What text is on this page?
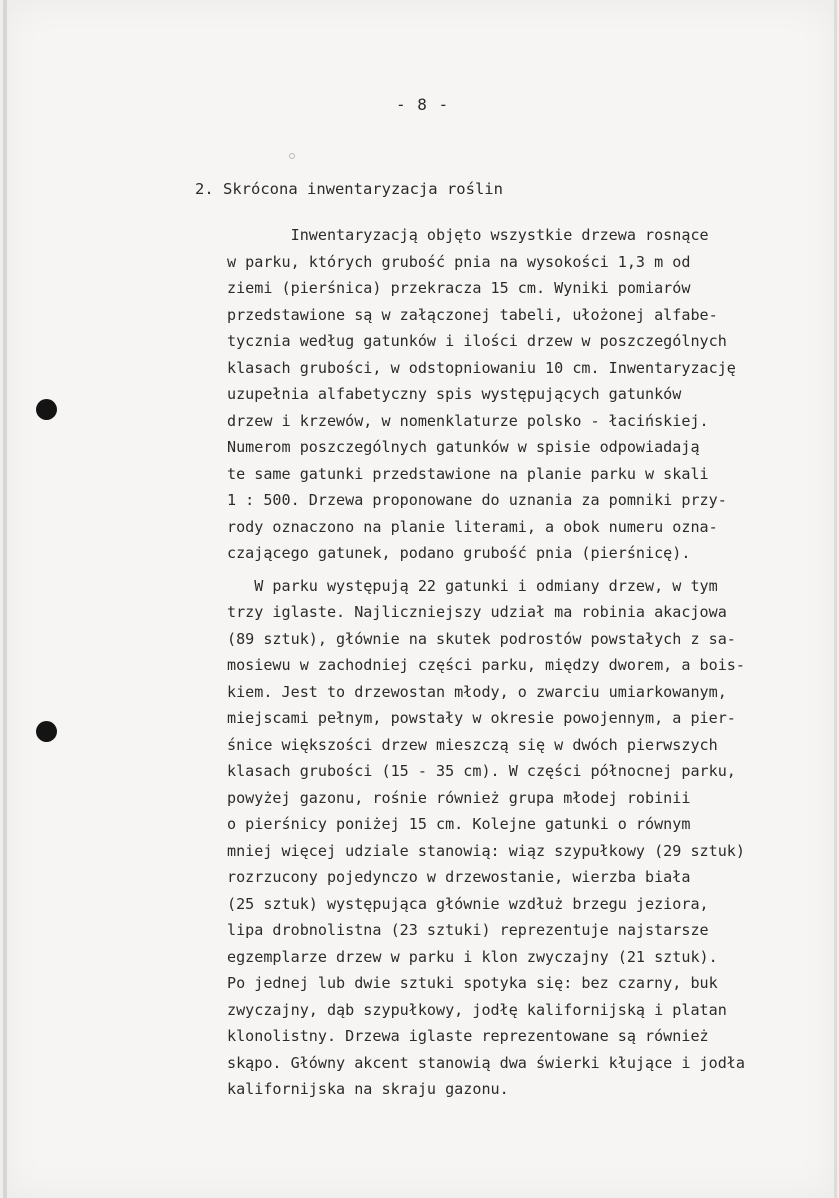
- 8 -
2. Skrócona inwentaryzacja roślin

Inwentaryzacją objęto wszystkie drzewa rosnące
w parku, których grubość pnia na wysokości 1,3 m od
ziemi (pierśnica) przekracza 15 cm. Wyniki pomiarów
przedstawione są w załączonej tabeli, ułożonej alfabe-
tycznia według gatunków i ilości drzew w poszczególnych
klasach grubości, w odstopniowaniu 10 cm. Inwentaryzację
uzupełnia alfabetyczny spis występujących gatunków
drzew i krzewów, w nomenklaturze polsko - łacińskiej.
Numerom poszczególnych gatunków w spisie odpowiadają
te same gatunki przedstawione na planie parku w skali
1 : 500. Drzewa proponowane do uznania za pomniki przy-
rody oznaczono na planie literami, a obok numeru ozna-
czającego gatunek, podano grubość pnia (pierśnicę).

W parku występują 22 gatunki i odmiany drzew, w tym
trzy iglaste. Najliczniejszy udział ma robinia akacjowa
(89 sztuk), głównie na skutek podrostów powstałych z sa-
mosiewu w zachodniej części parku, między dworem, a bois-
kiem. Jest to drzewostan młody, o zwarciu umiarkowanym,
miejscami pełnym, powstały w okresie powojennym, a pier-
śnice większości drzew mieszczą się w dwóch pierwszych
klasach grubości (15 - 35 cm). W części północnej parku,
powyżej gazonu, rośnie również grupa młodej robinii
o pierśnicy poniżej 15 cm. Kolejne gatunki o równym
mniej więcej udziale stanowią: wiąz szypułkowy (29 sztuk)
rozrzucony pojedynczo w drzewostanie, wierzba biała
(25 sztuk) występująca głównie wzdłuż brzegu jeziora,
lipa drobnolistna (23 sztuki) reprezentuje najstarsze
egzemplarze drzew w parku i klon zwyczajny (21 sztuk).
Po jednej lub dwie sztuki spotyka się: bez czarny, buk
zwyczajny, dąb szypułkowy, jodłę kalifornijską i platan
klonolistny. Drzewa iglaste reprezentowane są również
skąpo. Główny akcent stanowią dwa świerki kłujące i jodła
kalifornijska na skraju gazonu.
